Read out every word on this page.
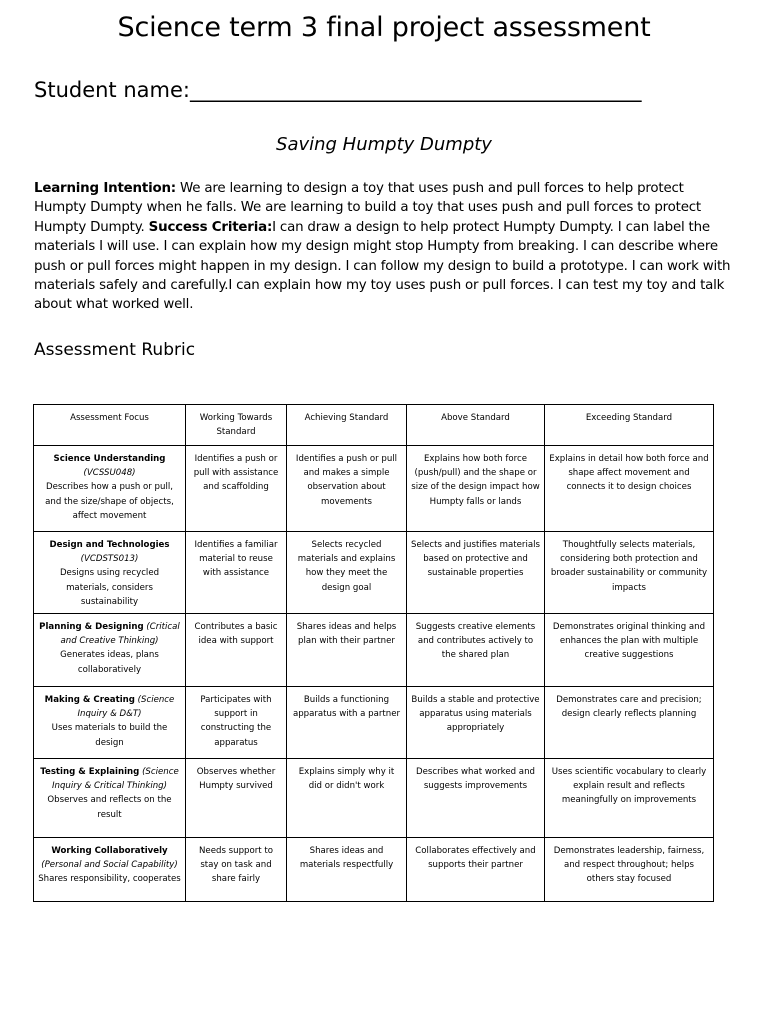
Science term 3 final project assessment
Student name:___________________________________________
Saving Humpty Dumpty
Learning Intention: We are learning to design a toy that uses push and pull forces to help protect Humpty Dumpty when he falls. We are learning to build a toy that uses push and pull forces to protect Humpty Dumpty. Success Criteria:I can draw a design to help protect Humpty Dumpty. I can label the materials I will use. I can explain how my design might stop Humpty from breaking. I can describe where push or pull forces might happen in my design. I can follow my design to build a prototype. I can work with materials safely and carefully.I can explain how my toy uses push or pull forces. I can test my toy and talk about what worked well.
Assessment Rubric
Assessment Focus	Working Towards Standard	Achieving Standard	Above Standard	Exceeding Standard
Science Understanding
(VCSSU048)
Describes how a push or pull, and the size/shape of objects, affect movement	Identifies a push or pull with assistance and scaffolding	Identifies a push or pull and makes a simple observation about movements	Explains how both force (push/pull) and the shape or size of the design impact how Humpty falls or lands	Explains in detail how both force and shape affect movement and connects it to design choices
Design and Technologies
(VCDSTS013)
Designs using recycled materials, considers sustainability	Identifies a familiar material to reuse with assistance	Selects recycled materials and explains how they meet the design goal	Selects and justifies materials based on protective and sustainable properties	Thoughtfully selects materials, considering both protection and broader sustainability or community impacts
Planning & Designing (Critical and Creative Thinking)
Generates ideas, plans collaboratively	Contributes a basic idea with support	Shares ideas and helps plan with their partner	Suggests creative elements and contributes actively to the shared plan	Demonstrates original thinking and enhances the plan with multiple creative suggestions
Making & Creating (Science Inquiry & D&T)
Uses materials to build the design	Participates with support in constructing the apparatus	Builds a functioning apparatus with a partner	Builds a stable and protective apparatus using materials appropriately	Demonstrates care and precision; design clearly reflects planning
Testing & Explaining (Science Inquiry & Critical Thinking)
Observes and reflects on the result	Observes whether Humpty survived	Explains simply why it did or didn't work	Describes what worked and suggests improvements	Uses scientific vocabulary to clearly explain result and reflects meaningfully on improvements
Working Collaboratively (Personal and Social Capability)
Shares responsibility, cooperates	Needs support to stay on task and share fairly	Shares ideas and materials respectfully	Collaborates effectively and supports their partner	Demonstrates leadership, fairness, and respect throughout; helps others stay focused
